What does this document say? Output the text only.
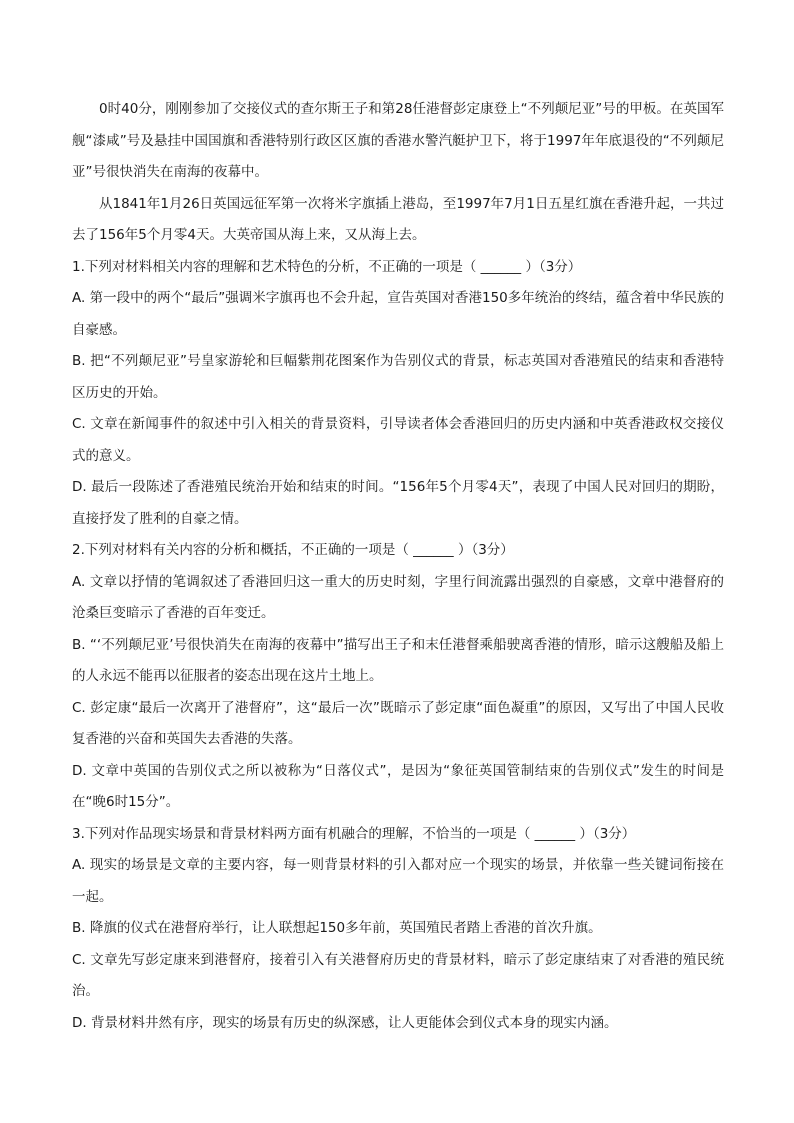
0时40分，刚刚参加了交接仪式的查尔斯王子和第28任港督彭定康登上“不列颠尼亚”号的甲板。在英国军舰“漆咸”号及悬挂中国国旗和香港特别行政区区旗的香港水警汽艇护卫下，将于1997年年底退役的“不列颠尼亚”号很快消失在南海的夜幕中。

从1841年1月26日英国远征军第一次将米字旗插上港岛，至1997年7月1日五星红旗在香港升起，一共过去了156年5个月零4天。大英帝国从海上来，又从海上去。

1.下列对材料相关内容的理解和艺术特色的分析，不正确的一项是（ ______ ）（3分）

A. 第一段中的两个“最后”强调米字旗再也不会升起，宣告英国对香港150多年统治的终结，蕴含着中华民族的自豪感。

B. 把“不列颠尼亚”号皇家游轮和巨幅紫荆花图案作为告别仪式的背景，标志英国对香港殖民的结束和香港特区历史的开始。

C. 文章在新闻事件的叙述中引入相关的背景资料，引导读者体会香港回归的历史内涵和中英香港政权交接仪式的意义。

D. 最后一段陈述了香港殖民统治开始和结束的时间。“156年5个月零4天”，表现了中国人民对回归的期盼，直接抒发了胜利的自豪之情。

2.下列对材料有关内容的分析和概括，不正确的一项是（ ______ ）（3分）

A. 文章以抒情的笔调叙述了香港回归这一重大的历史时刻，字里行间流露出强烈的自豪感，文章中港督府的沧桑巨变暗示了香港的百年变迁。

B. “‘不列颠尼亚’号很快消失在南海的夜幕中”描写出王子和末任港督乘船驶离香港的情形，暗示这艘船及船上的人永远不能再以征服者的姿态出现在这片土地上。

C. 彭定康“最后一次离开了港督府”，这“最后一次”既暗示了彭定康“面色凝重”的原因，又写出了中国人民收复香港的兴奋和英国失去香港的失落。

D. 文章中英国的告别仪式之所以被称为“日落仪式”，是因为“象征英国管制结束的告别仪式”发生的时间是在“晚6时15分”。

3.下列对作品现实场景和背景材料两方面有机融合的理解，不恰当的一项是（ ______ ）（3分）

A. 现实的场景是文章的主要内容，每一则背景材料的引入都对应一个现实的场景，并依靠一些关键词衔接在一起。

B. 降旗的仪式在港督府举行，让人联想起150多年前，英国殖民者踏上香港的首次升旗。

C. 文章先写彭定康来到港督府，接着引入有关港督府历史的背景材料，暗示了彭定康结束了对香港的殖民统治。

D. 背景材料井然有序，现实的场景有历史的纵深感，让人更能体会到仪式本身的现实内涵。
